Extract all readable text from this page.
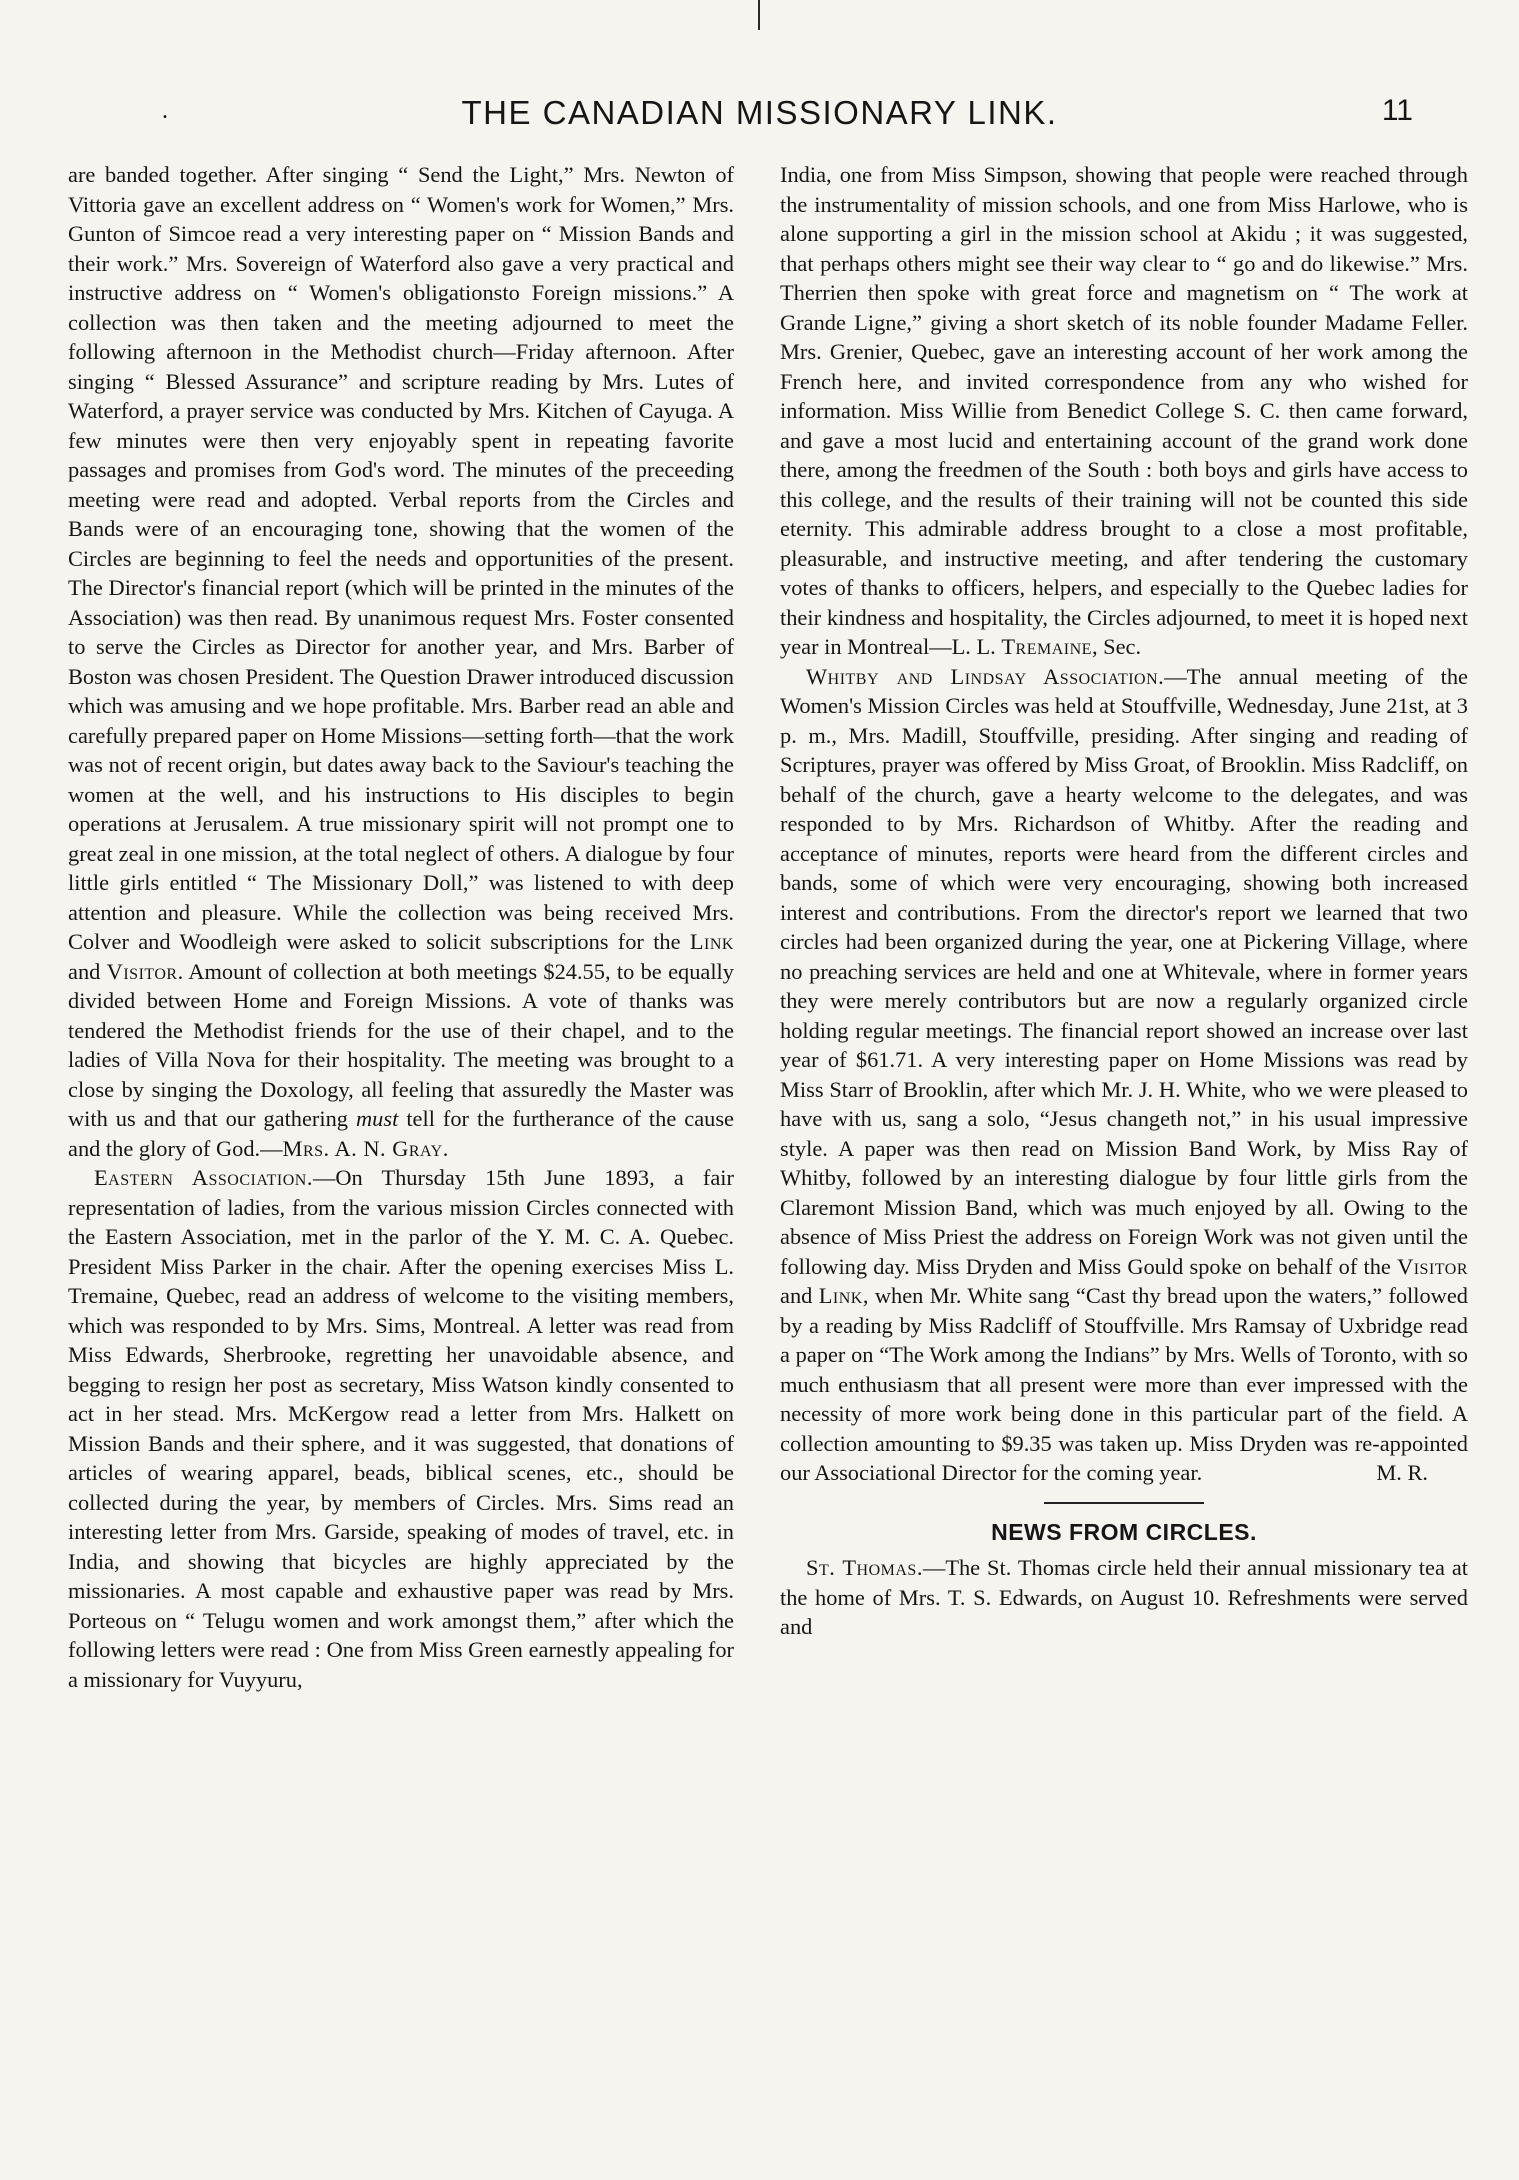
.	THE CANADIAN MISSIONARY LINK.	11

are banded together. After singing “ Send the Light,” Mrs. Newton of Vittoria gave an excellent address on “ Women's work for Women,” Mrs. Gunton of Simcoe read a very interesting paper on “ Mission Bands and their work.” Mrs. Sovereign of Waterford also gave a very practical and instructive address on “ Women's obligationsto Foreign missions.” A collection was then taken and the meeting adjourned to meet the following afternoon in the Methodist church—Friday afternoon. After singing “ Blessed Assurance” and scripture reading by Mrs. Lutes of Waterford, a prayer service was conducted by Mrs. Kitchen of Cayuga. A few minutes were then very enjoyably spent in repeating favorite passages and promises from God's word. The minutes of the preceeding meeting were read and adopted. Verbal reports from the Circles and Bands were of an encouraging tone, showing that the women of the Circles are beginning to feel the needs and opportunities of the present. The Director's financial report (which will be printed in the minutes of the Association) was then read. By unanimous request Mrs. Foster consented to serve the Circles as Director for another year, and Mrs. Barber of Boston was chosen President. The Question Drawer introduced discussion which was amusing and we hope profitable. Mrs. Barber read an able and carefully prepared paper on Home Missions—setting forth—that the work was not of recent origin, but dates away back to the Saviour's teaching the women at the well, and his instructions to His disciples to begin operations at Jerusalem. A true missionary spirit will not prompt one to great zeal in one mission, at the total neglect of others. A dialogue by four little girls entitled “ The Missionary Doll,” was listened to with deep attention and pleasure. While the collection was being received Mrs. Colver and Woodleigh were asked to solicit subscriptions for the Link and Visitor. Amount of collection at both meetings $24.55, to be equally divided between Home and Foreign Missions. A vote of thanks was tendered the Methodist friends for the use of their chapel, and to the ladies of Villa Nova for their hospitality. The meeting was brought to a close by singing the Doxology, all feeling that assuredly the Master was with us and that our gathering must tell for the furtherance of the cause and the glory of God.—Mrs. A. N. Gray.

Eastern Association.—On Thursday 15th June 1893, a fair representation of ladies, from the various mission Circles connected with the Eastern Association, met in the parlor of the Y. M. C. A. Quebec. President Miss Parker in the chair. After the opening exercises Miss L. Tremaine, Quebec, read an address of welcome to the visiting members, which was responded to by Mrs. Sims, Montreal. A letter was read from Miss Edwards, Sherbrooke, regretting her unavoidable absence, and begging to resign her post as secretary, Miss Watson kindly consented to act in her stead. Mrs. McKergow read a letter from Mrs. Halkett on Mission Bands and their sphere, and it was suggested, that donations of articles of wearing apparel, beads, biblical scenes, etc., should be collected during the year, by members of Circles. Mrs. Sims read an interesting letter from Mrs. Garside, speaking of modes of travel, etc. in India, and showing that bicycles are highly appreciated by the missionaries. A most capable and exhaustive paper was read by Mrs. Porteous on “ Telugu women and work amongst them,” after which the following letters were read : One from Miss Green earnestly appealing for a missionary for Vuyyuru,

India, one from Miss Simpson, showing that people were reached through the instrumentality of mission schools, and one from Miss Harlowe, who is alone supporting a girl in the mission school at Akidu ; it was suggested, that perhaps others might see their way clear to “ go and do likewise.” Mrs. Therrien then spoke with great force and magnetism on “ The work at Grande Ligne,” giving a short sketch of its noble founder Madame Feller. Mrs. Grenier, Quebec, gave an interesting account of her work among the French here, and invited correspondence from any who wished for information. Miss Willie from Benedict College S. C. then came forward, and gave a most lucid and entertaining account of the grand work done there, among the freedmen of the South : both boys and girls have access to this college, and the results of their training will not be counted this side eternity. This admirable address brought to a close a most profitable, pleasurable, and instructive meeting, and after tendering the customary votes of thanks to officers, helpers, and especially to the Quebec ladies for their kindness and hospitality, the Circles adjourned, to meet it is hoped next year in Montreal—L. L. Tremaine, Sec.

Whitby and Lindsay Association.—The annual meeting of the Women's Mission Circles was held at Stouffville, Wednesday, June 21st, at 3 p. m., Mrs. Madill, Stouffville, presiding. After singing and reading of Scriptures, prayer was offered by Miss Groat, of Brooklin. Miss Radcliff, on behalf of the church, gave a hearty welcome to the delegates, and was responded to by Mrs. Richardson of Whitby. After the reading and acceptance of minutes, reports were heard from the different circles and bands, some of which were very encouraging, showing both increased interest and contributions. From the director's report we learned that two circles had been organized during the year, one at Pickering Village, where no preaching services are held and one at Whitevale, where in former years they were merely contributors but are now a regularly organized circle holding regular meetings. The financial report showed an increase over last year of $61.71. A very interesting paper on Home Missions was read by Miss Starr of Brooklin, after which Mr. J. H. White, who we were pleased to have with us, sang a solo, “Jesus changeth not,” in his usual impressive style. A paper was then read on Mission Band Work, by Miss Ray of Whitby, followed by an interesting dialogue by four little girls from the Claremont Mission Band, which was much enjoyed by all. Owing to the absence of Miss Priest the address on Foreign Work was not given until the following day. Miss Dryden and Miss Gould spoke on behalf of the Visitor and Link, when Mr. White sang “Cast thy bread upon the waters,” followed by a reading by Miss Radcliff of Stouffville. Mrs Ramsay of Uxbridge read a paper on “The Work among the Indians” by Mrs. Wells of Toronto, with so much enthusiasm that all present were more than ever impressed with the necessity of more work being done in this particular part of the field. A collection amounting to $9.35 was taken up. Miss Dryden was re-appointed our Associational Director for the coming year.	M. R.

NEWS FROM CIRCLES.

St. Thomas.—The St. Thomas circle held their annual missionary tea at the home of Mrs. T. S. Edwards, on August 10. Refreshments were served and
